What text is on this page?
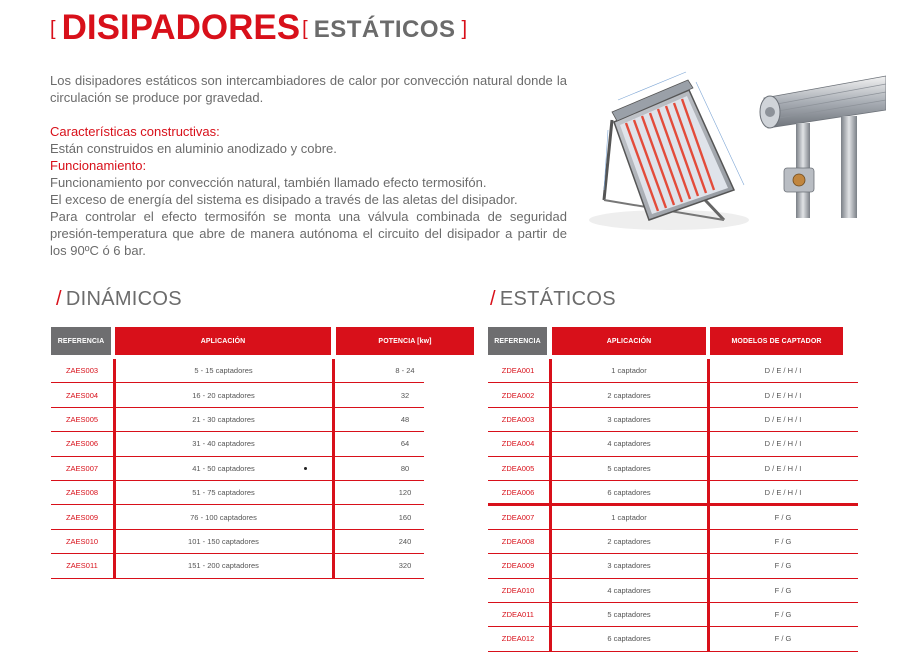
[ DISIPADORES [ ESTÁTICOS ]

Los disipadores estáticos son intercambiadores de calor por convección natural donde la circulación se produce por gravedad.

Características constructivas:

Están construidos en aluminio anodizado y cobre.

Funcionamiento:

Funcionamiento por convección natural, también llamado efecto termosifón.

El exceso de energía del sistema es disipado a través de las aletas del disipador.

Para controlar el efecto termosifón se monta una válvula combinada de seguridad presión-temperatura que abre de manera autónoma el circuito del disipador a partir de los 90ºC ó 6 bar.

/ DINÁMICOS	/ ESTÁTICOS
REFERENCIA	APLICACIÓN	POTENCIA [kw]
ZAES003	5 - 15 captadores	8 - 24
ZAES004	16 - 20 captadores	32
ZAES005	21 - 30 captadores	48
ZAES006	31 - 40 captadores	64
ZAES007	41 - 50 captadores	80
ZAES008	51 - 75 captadores	120
ZAES009	76 - 100 captadores	160
ZAES010	101 - 150 captadores	240
ZAES011	151 - 200 captadores	320
REFERENCIA	APLICACIÓN	MODELOS DE CAPTADOR
ZDEA001	1 captador	D / E / H / I
ZDEA002	2 captadores	D / E / H / I
ZDEA003	3 captadores	D / E / H / I
ZDEA004	4 captadores	D / E / H / I
ZDEA005	5 captadores	D / E / H / I
ZDEA006	6 captadores	D / E / H / I
ZDEA007	1 captador	F / G
ZDEA008	2 captadores	F / G
ZDEA009	3 captadores	F / G
ZDEA010	4 captadores	F / G
ZDEA011	5 captadores	F / G
ZDEA012	6 captadores	F / G
